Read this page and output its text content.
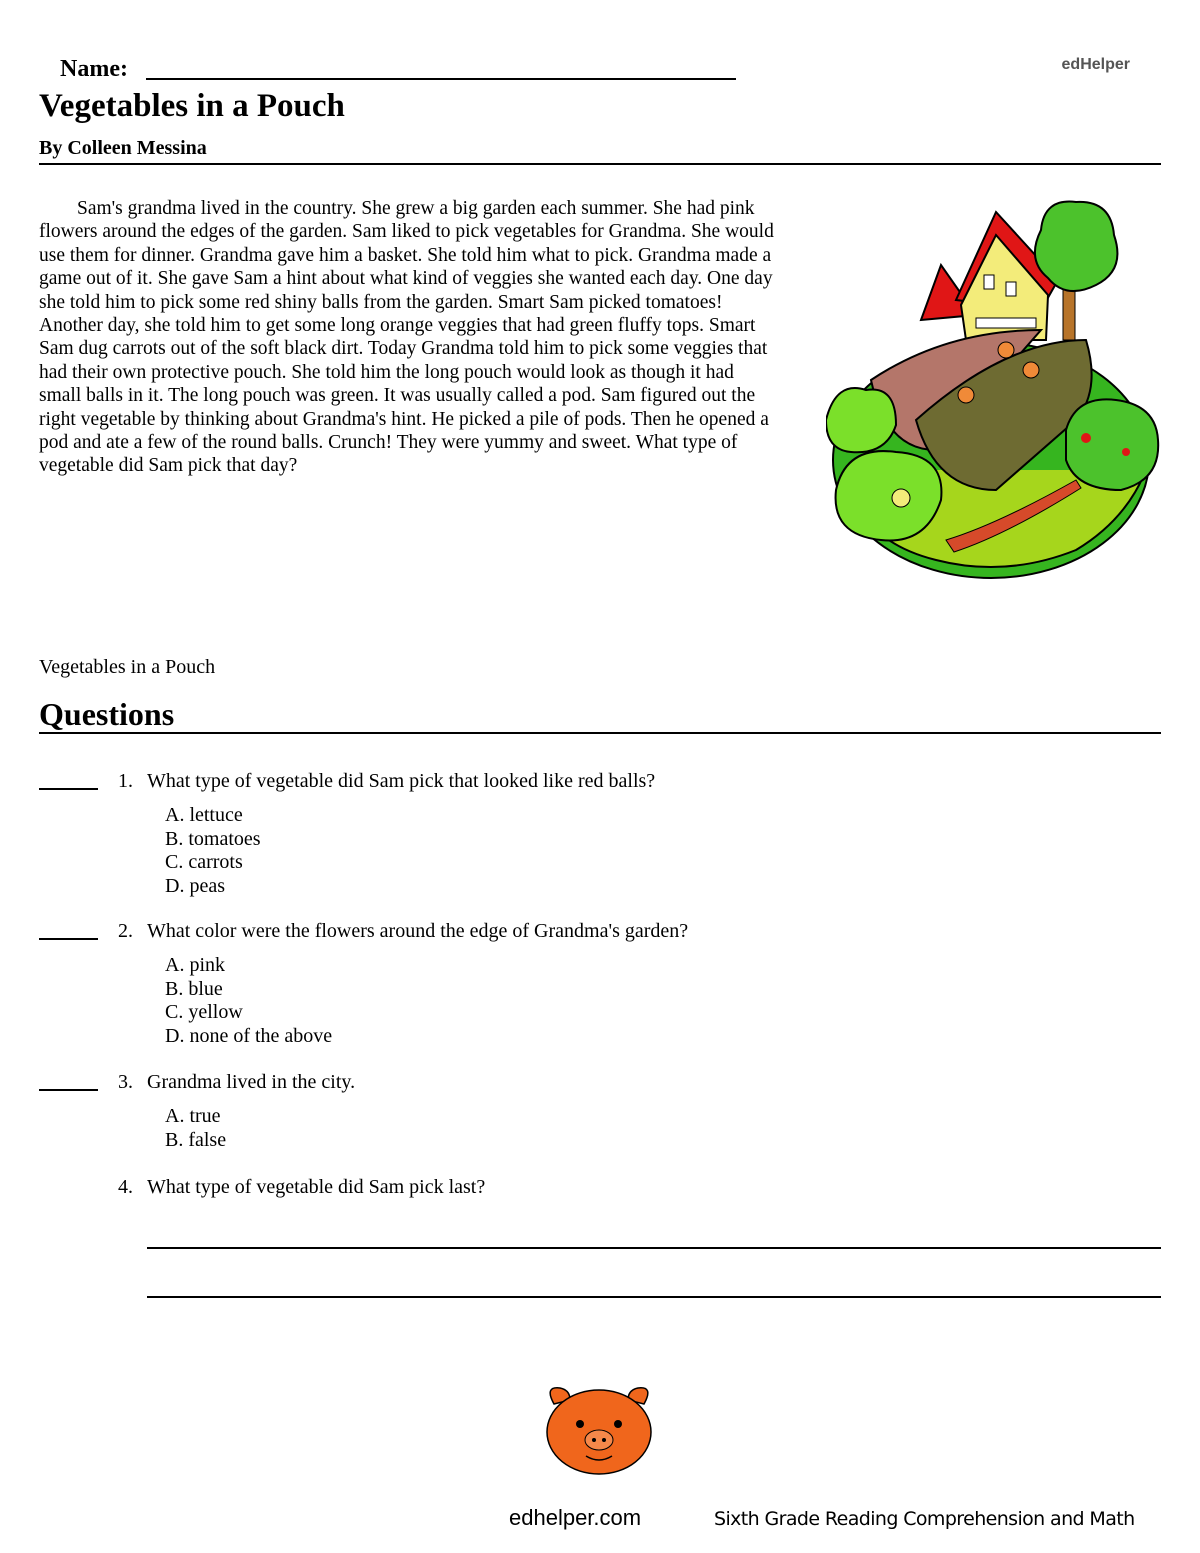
Name:	edHelper
Vegetables in a Pouch
By Colleen Messina

Sam's grandma lived in the country. She grew a big garden each summer. She had pink flowers around the edges of the garden. Sam liked to pick vegetables for Grandma. She would use them for dinner. Grandma gave him a basket. She told him what to pick. Grandma made a game out of it. She gave Sam a hint about what kind of veggies she wanted each day. One day she told him to pick some red shiny balls from the garden. Smart Sam picked tomatoes! Another day, she told him to get some long orange veggies that had green fluffy tops. Smart Sam dug carrots out of the soft black dirt. Today Grandma told him to pick some veggies that had their own protective pouch. She told him the long pouch would look as though it had small balls in it. The long pouch was green. It was usually called a pod. Sam figured out the right vegetable by thinking about Grandma's hint. He picked a pile of pods. Then he opened a pod and ate a few of the round balls. Crunch! They were yummy and sweet. What type of vegetable did Sam pick that day?

Vegetables in a Pouch
Questions
1. What type of vegetable did Sam pick that looked like red balls?
A. lettuce
B. tomatoes
C. carrots
D. peas
2. What color were the flowers around the edge of Grandma's garden?
A. pink
B. blue
C. yellow
D. none of the above
3. Grandma lived in the city.
A. true
B. false
4. What type of vegetable did Sam pick last?
edhelper.com	Sixth Grade Reading Comprehension and Math
